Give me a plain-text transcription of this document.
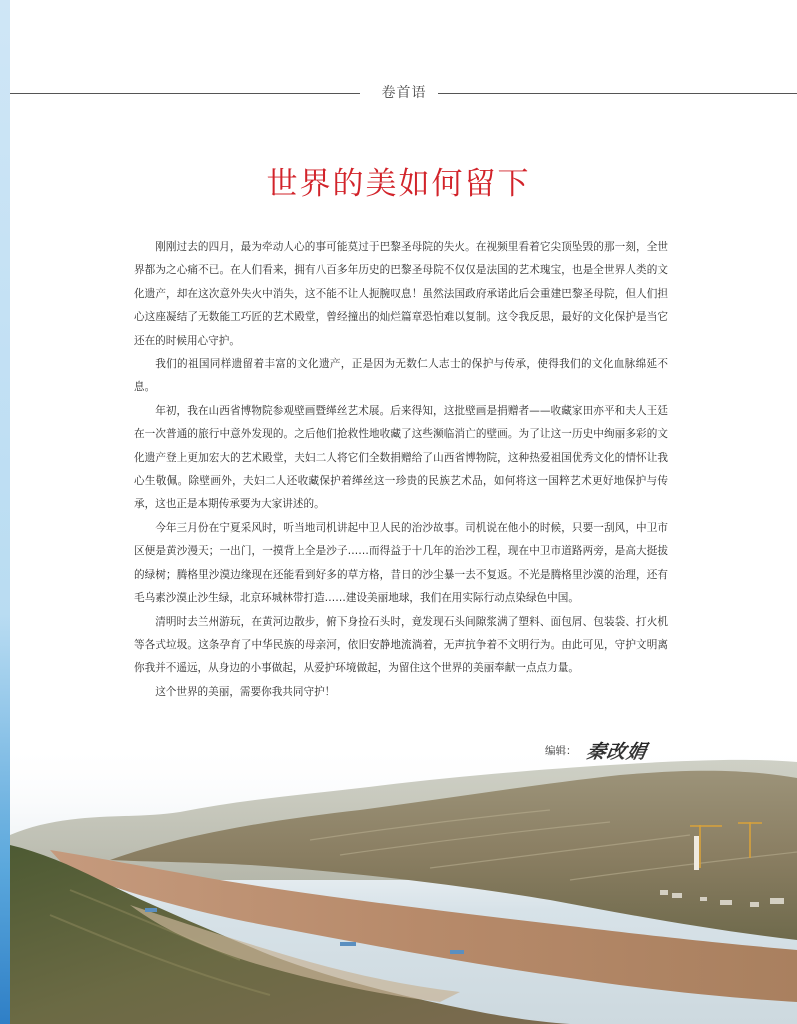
卷首语
世界的美如何留下

刚刚过去的四月，最为牵动人心的事可能莫过于巴黎圣母院的失火。在视频里看着它尖顶坠毁的那一刻，全世界都为之心痛不已。在人们看来，拥有八百多年历史的巴黎圣母院不仅仅是法国的艺术瑰宝，也是全世界人类的文化遗产，却在这次意外失火中消失，这不能不让人扼腕叹息！虽然法国政府承诺此后会重建巴黎圣母院，但人们担心这座凝结了无数能工巧匠的艺术殿堂，曾经撞出的灿烂篇章恐怕难以复制。这令我反思，最好的文化保护是当它还在的时候用心守护。

我们的祖国同样遗留着丰富的文化遗产，正是因为无数仁人志士的保护与传承，使得我们的文化血脉绵延不息。

年初，我在山西省博物院参观壁画暨缂丝艺术展。后来得知，这批壁画是捐赠者——收藏家田亦平和夫人王廷在一次普通的旅行中意外发现的。之后他们抢救性地收藏了这些濒临消亡的壁画。为了让这一历史中绚丽多彩的文化遗产登上更加宏大的艺术殿堂，夫妇二人将它们全数捐赠给了山西省博物院，这种热爱祖国优秀文化的情怀让我心生敬佩。除壁画外，夫妇二人还收藏保护着缂丝这一珍贵的民族艺术品，如何将这一国粹艺术更好地保护与传承，这也正是本期传承要为大家讲述的。

今年三月份在宁夏采风时，听当地司机讲起中卫人民的治沙故事。司机说在他小的时候，只要一刮风，中卫市区便是黄沙漫天；一出门，一摸背上全是沙子……而得益于十几年的治沙工程，现在中卫市道路两旁，是高大挺拔的绿树；腾格里沙漠边缘现在还能看到好多的草方格，昔日的沙尘暴一去不复返。不光是腾格里沙漠的治理，还有毛乌素沙漠止沙生绿，北京环城林带打造……建设美丽地球，我们在用实际行动点染绿色中国。

清明时去兰州游玩，在黄河边散步，俯下身捡石头时，竟发现石头间隙浆满了塑料、面包屑、包装袋、打火机等各式垃圾。这条孕育了中华民族的母亲河，依旧安静地流淌着，无声抗争着不文明行为。由此可见，守护文明离你我并不遥远，从身边的小事做起，从爱护环境做起，为留住这个世界的美丽奉献一点点力量。

这个世界的美丽，需要你我共同守护！
